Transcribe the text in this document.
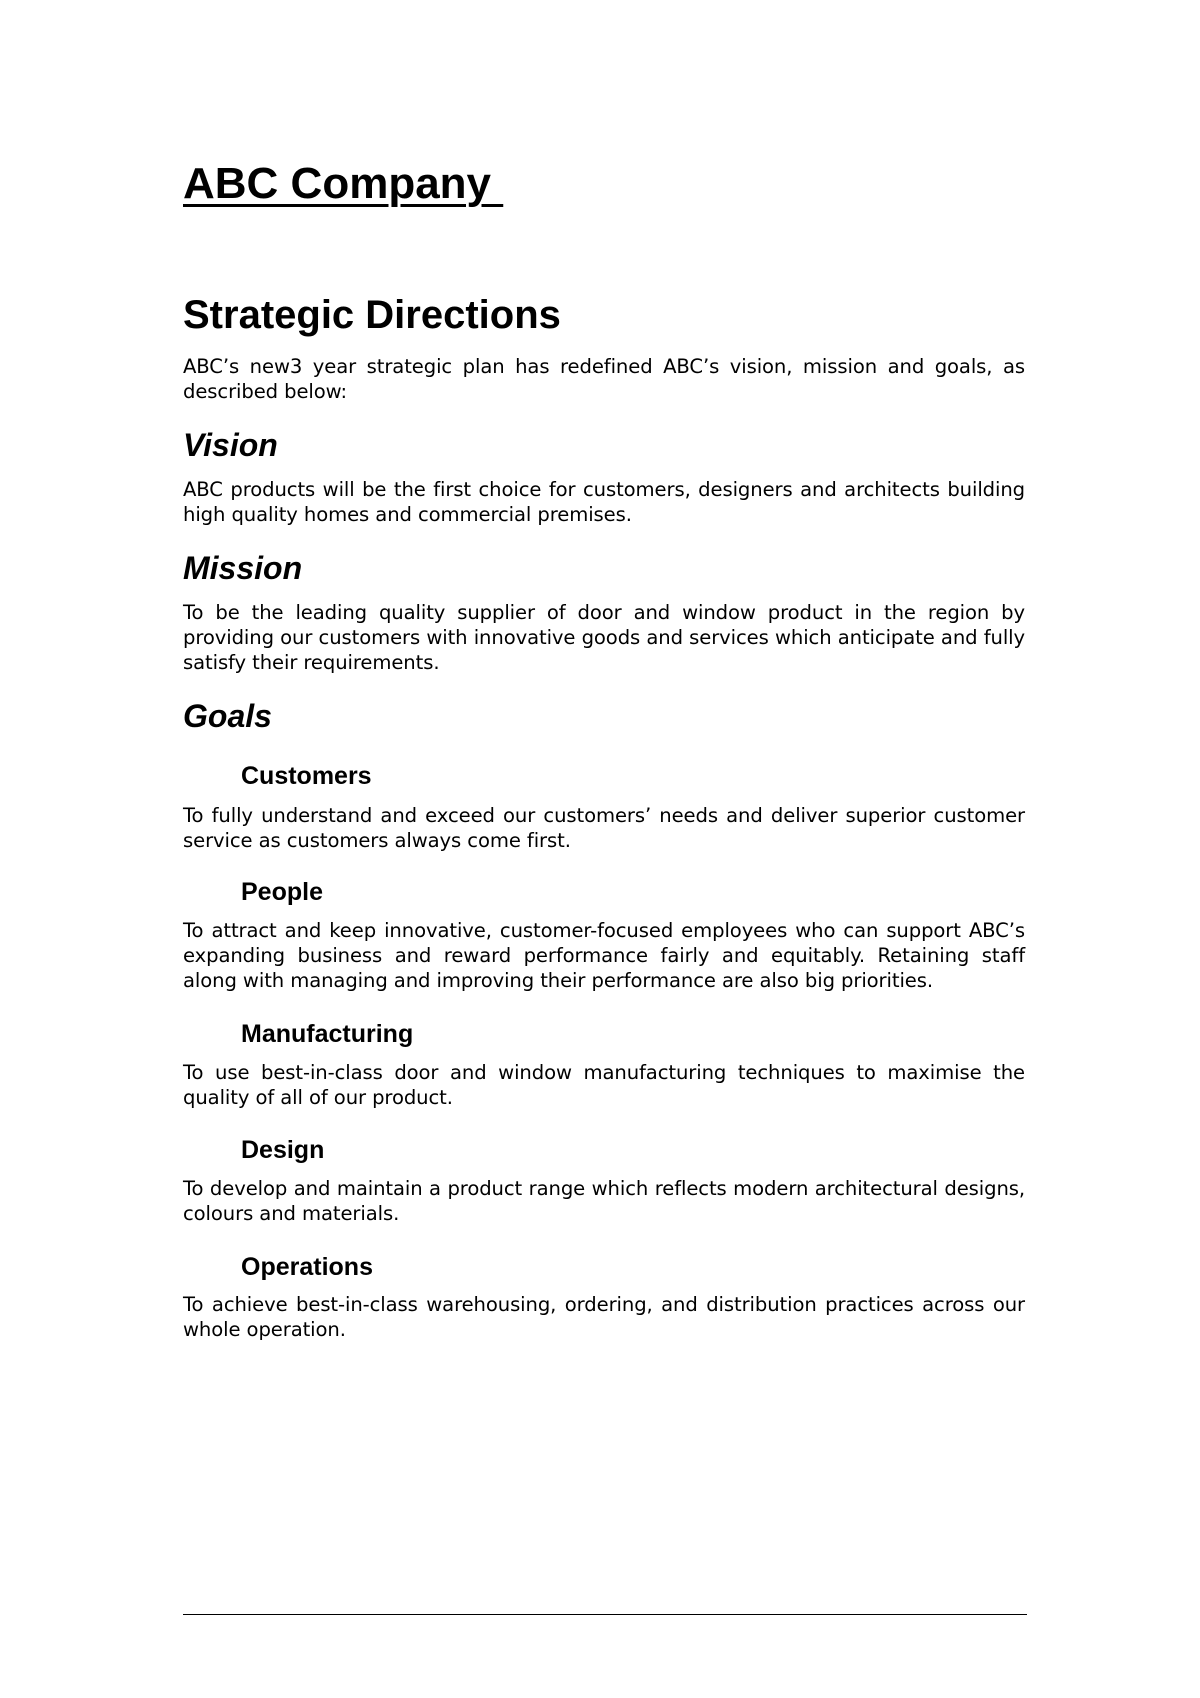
ABC Company
Strategic Directions

ABC’s new3 year strategic plan has redefined ABC’s vision, mission and goals, as described below:

Vision

ABC products will be the first choice for customers, designers and architects building high quality homes and commercial premises.

Mission

To be the leading quality supplier of door and window product in the region by providing our customers with innovative goods and services which anticipate and fully satisfy their requirements.

Goals
Customers

To fully understand and exceed our customers’ needs and deliver superior customer service as customers always come first.

People

To attract and keep innovative, customer-focused employees who can support ABC’s expanding business and reward performance fairly and equitably. Retaining staff along with managing and improving their performance are also big priorities.

Manufacturing

To use best-in-class door and window manufacturing techniques to maximise the quality of all of our product.

Design

To develop and maintain a product range which reflects modern architectural designs, colours and materials.

Operations

To achieve best-in-class warehousing, ordering, and distribution practices across our whole operation.
